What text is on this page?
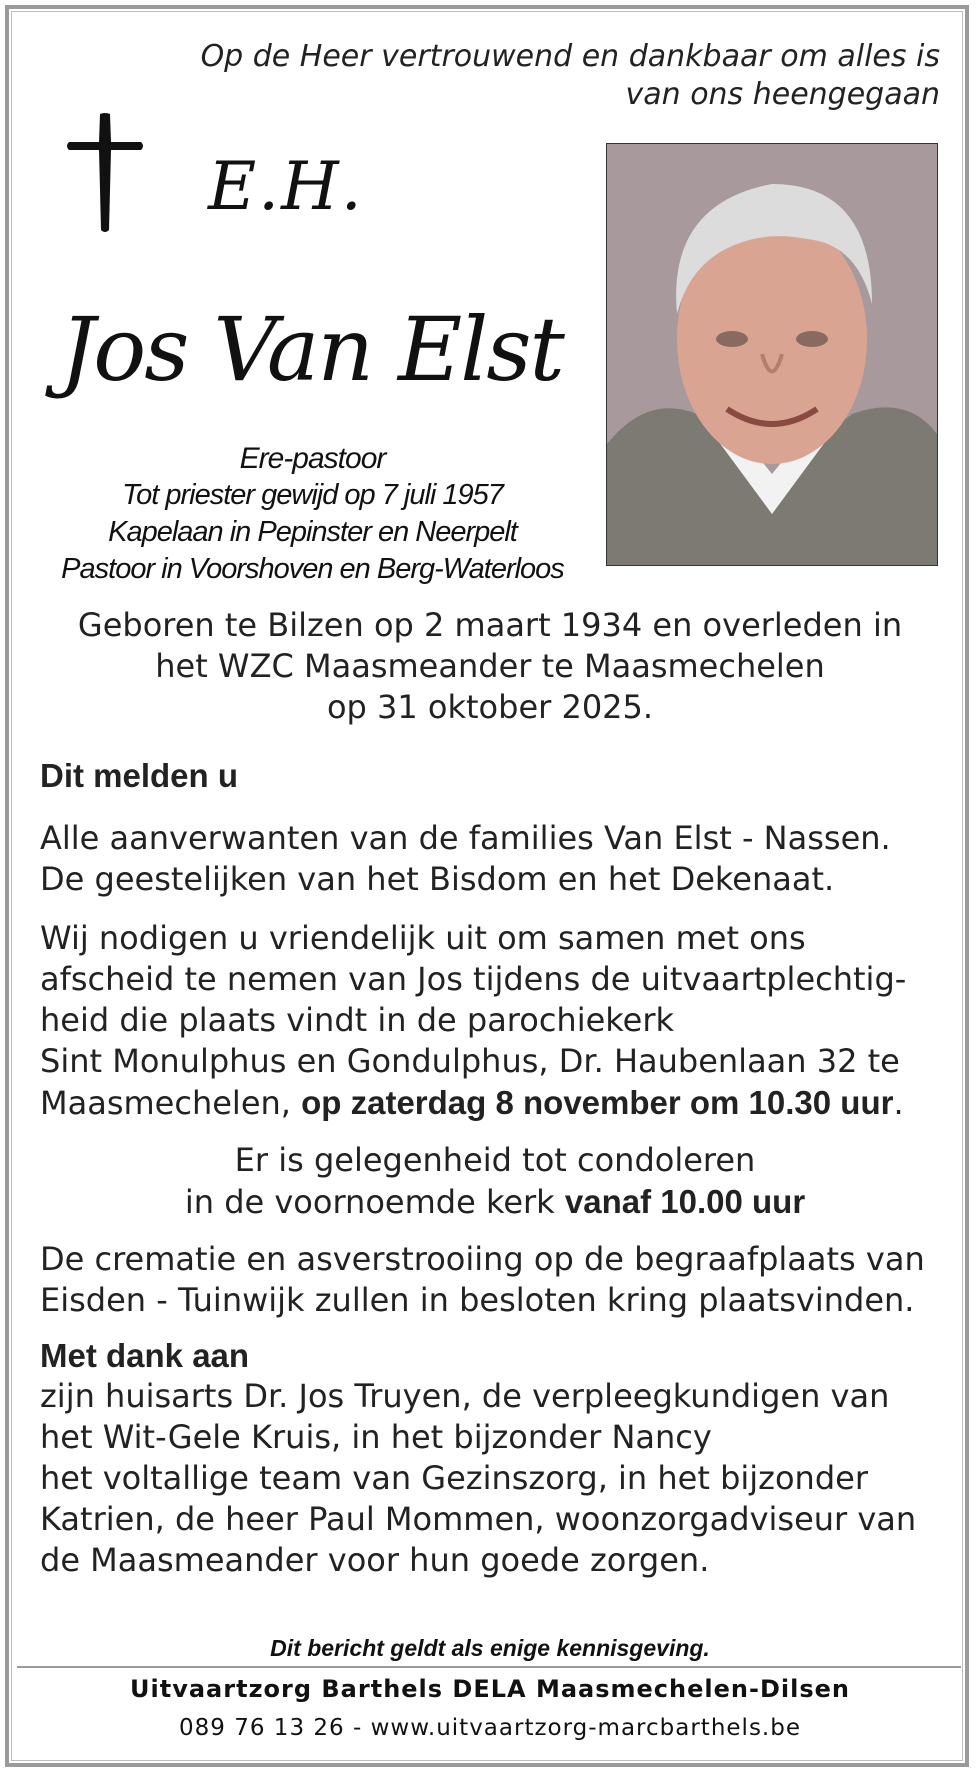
Op de Heer vertrouwend en dankbaar om alles is
van ons heengegaan
E.H.
Jos Van Elst
Ere-pastoor
Tot priester gewijd op 7 juli 1957
Kapelaan in Pepinster en Neerpelt
Pastoor in Voorshoven en Berg-Waterloos
Geboren te Bilzen op 2 maart 1934 en overleden in
het WZC Maasmeander te Maasmechelen
op 31 oktober 2025.

Dit melden u

Alle aanverwanten van de families Van Elst - Nassen.

De geestelijken van het Bisdom en het Dekenaat.

Wij nodigen u vriendelijk uit om samen met ons

afscheid te nemen van Jos tijdens de uitvaartplechtig-

heid die plaats vindt in de parochiekerk

Sint Monulphus en Gondulphus, Dr. Haubenlaan 32 te

Maasmechelen, op zaterdag 8 november om 10.30 uur.

Er is gelegenheid tot condoleren

in de voornoemde kerk vanaf 10.00 uur

De crematie en asverstrooiing op de begraafplaats van

Eisden - Tuinwijk zullen in besloten kring plaatsvinden.

Met dank aan

zijn huisarts Dr. Jos Truyen, de verpleegkundigen van

het Wit-Gele Kruis, in het bijzonder Nancy

het voltallige team van Gezinszorg, in het bijzonder

Katrien, de heer Paul Mommen, woonzorgadviseur van

de Maasmeander voor hun goede zorgen.

Dit bericht geldt als enige kennisgeving.
Uitvaartzorg Barthels DELA Maasmechelen-Dilsen
089 76 13 26 - www.uitvaartzorg-marcbarthels.be
